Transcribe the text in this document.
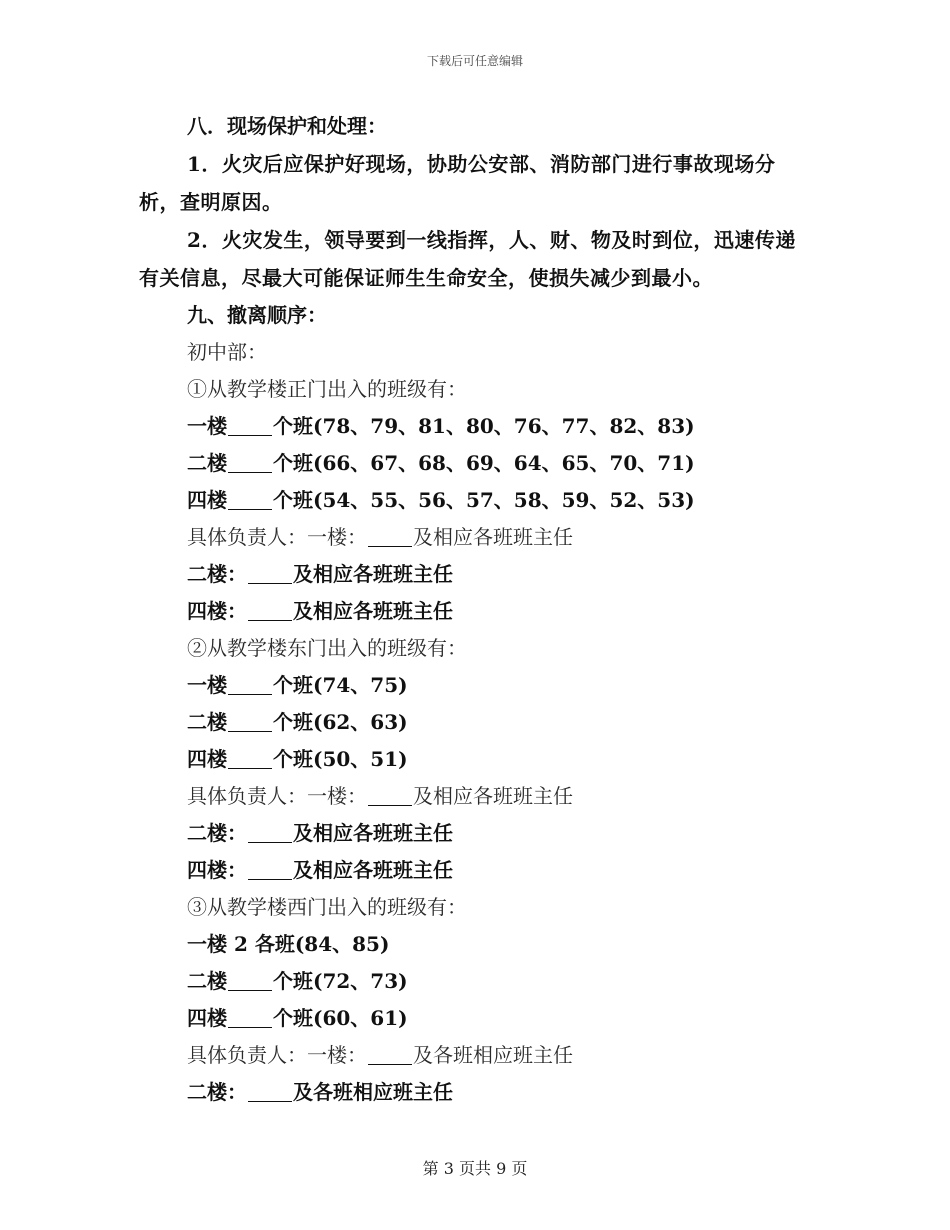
下载后可任意编辑
八．现场保护和处理：
1．火灾后应保护好现场，协助公安部、消防部门进行事故现场分析，查明原因。
2．火灾发生，领导要到一线指挥，人、财、物及时到位，迅速传递有关信息，尽最大可能保证师生生命安全，使损失减少到最小。
九、撤离顺序：
初中部：
①从教学楼正门出入的班级有：
一楼 个班(78、79、81、80、76、77、82、83)
二楼 个班(66、67、68、69、64、65、70、71)
四楼 个班(54、55、56、57、58、59、52、53)
具体负责人：一楼： 及相应各班班主任
二楼： 及相应各班班主任
四楼： 及相应各班班主任
②从教学楼东门出入的班级有：
一楼 个班(74、75)
二楼 个班(62、63)
四楼 个班(50、51)
具体负责人：一楼： 及相应各班班主任
二楼： 及相应各班班主任
四楼： 及相应各班班主任
③从教学楼西门出入的班级有：
一楼 2 各班(84、85)
二楼 个班(72、73)
四楼 个班(60、61)
具体负责人：一楼： 及各班相应班主任
二楼： 及各班相应班主任
第 3 页共 9 页
